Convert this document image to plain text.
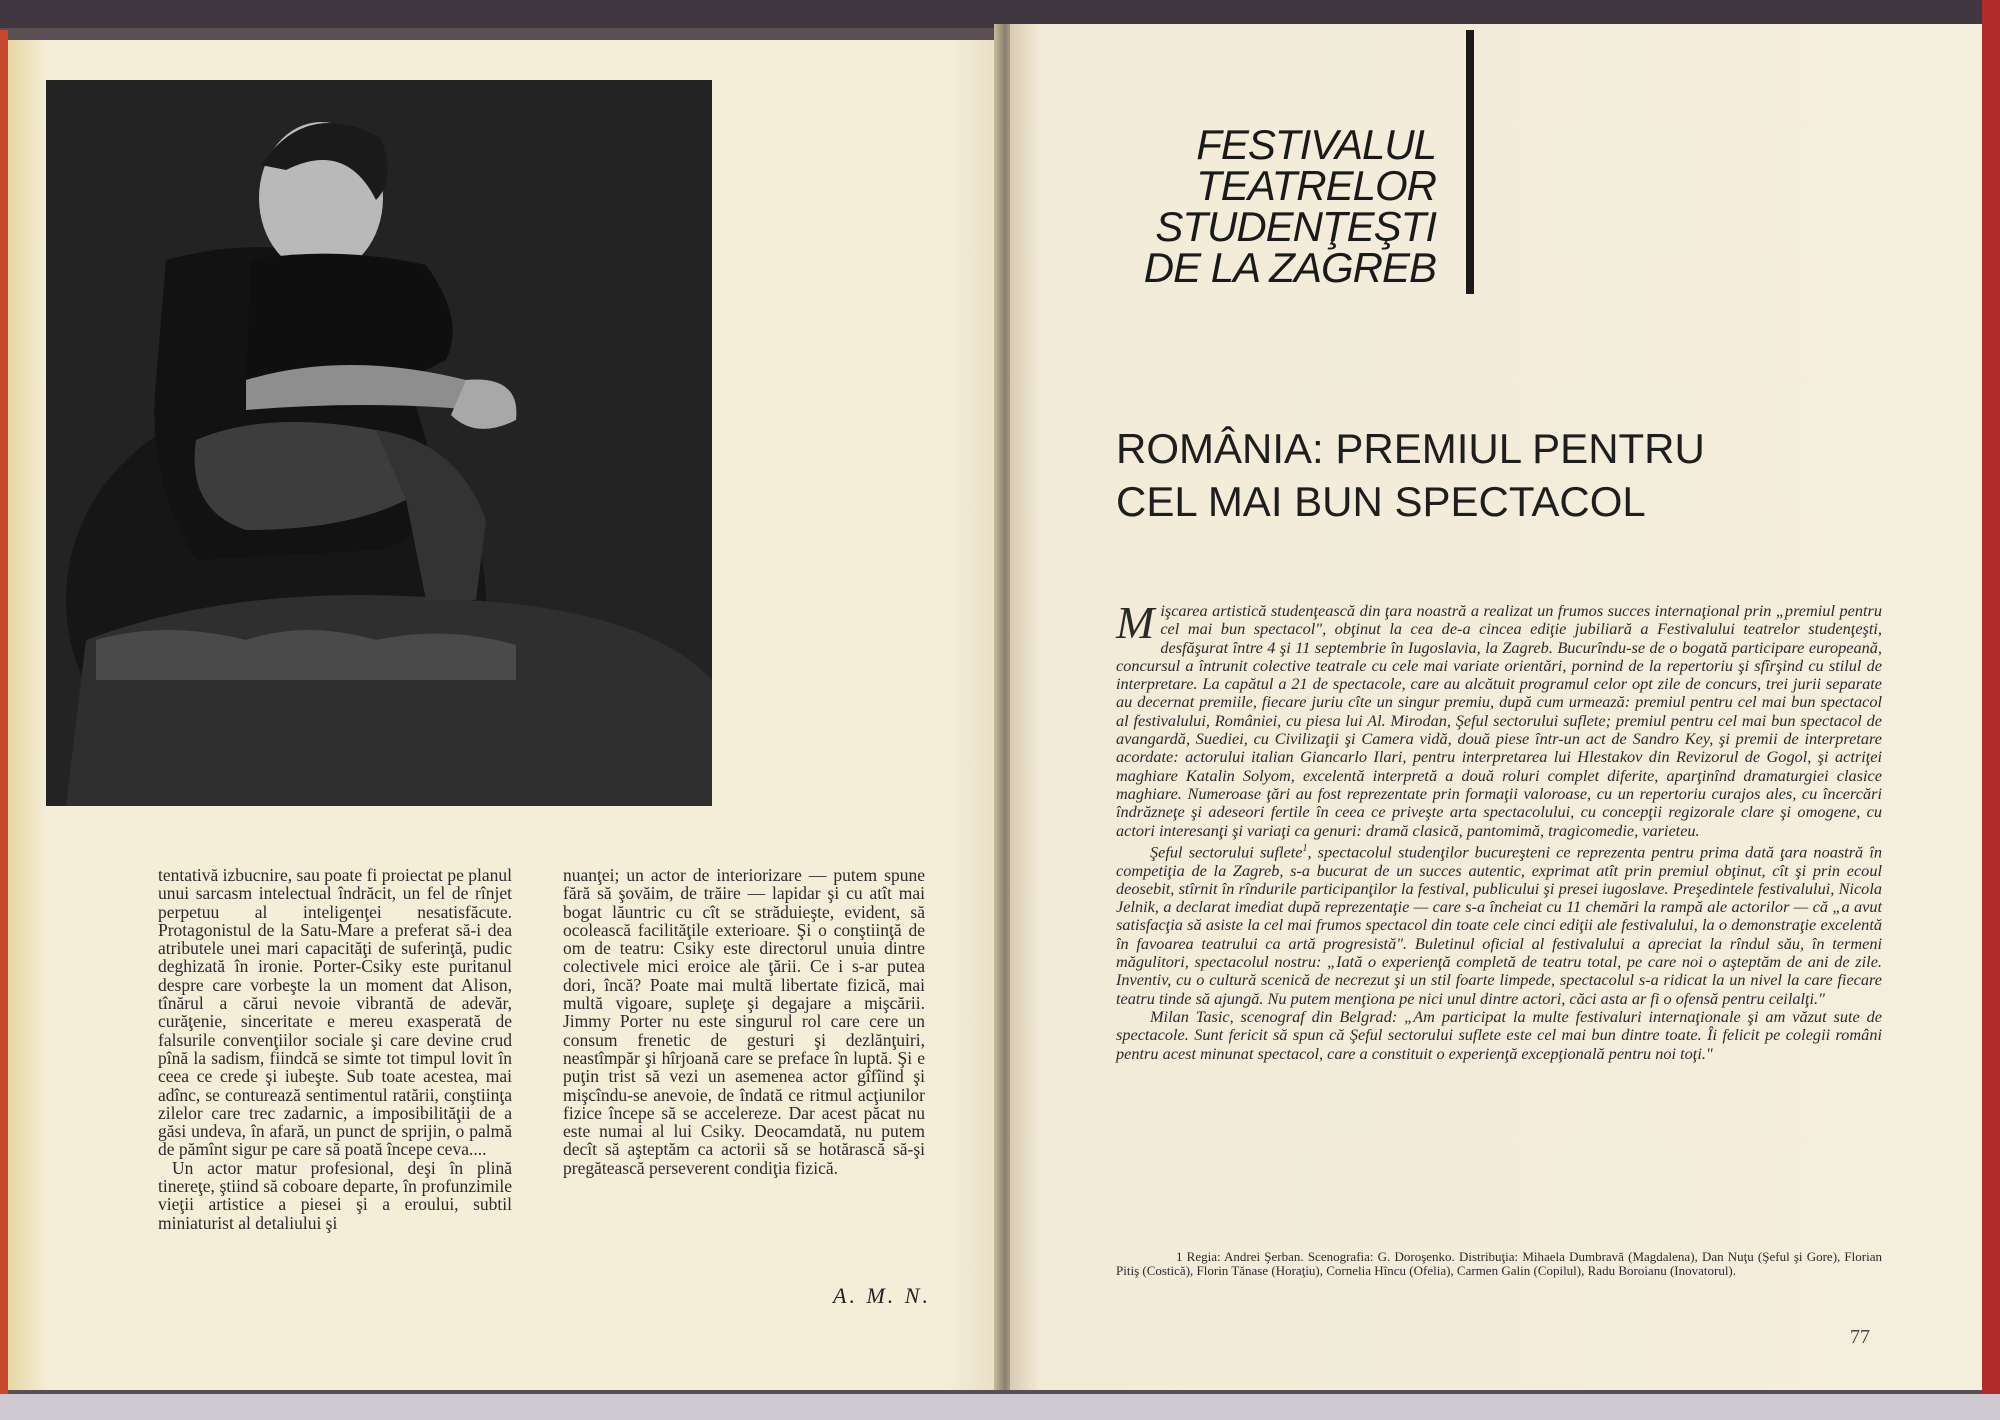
tentativă izbucnire, sau poate fi proiectat pe planul unui sarcasm intelectual îndrăcit, un fel de rînjet perpetuu al inteligenţei nesatisfăcute. Protagonistul de la Satu-Mare a preferat să-i dea atributele unei mari capacităţi de suferinţă, pudic deghizată în ironie. Porter-Csiky este puritanul despre care vorbeşte la un moment dat Alison, tînărul a cărui nevoie vibrantă de adevăr, curăţenie, sinceritate e mereu exasperată de falsurile convenţiilor sociale şi care devine crud pînă la sadism, fiindcă se simte tot timpul lovit în ceea ce crede şi iubeşte. Sub toate acestea, mai adînc, se conturează sentimentul ratării, conştiinţa zilelor care trec zadarnic, a imposibilităţii de a găsi undeva, în afară, un punct de sprijin, o palmă de pămînt sigur pe care să poată începe ceva....

Un actor matur profesional, deşi în plină tinereţe, ştiind să coboare departe, în profunzimile vieţii artistice a piesei şi a eroului, subtil miniaturist al detaliului şi

nuanţei; un actor de interiorizare — putem spune fără să şovăim, de trăire — lapidar şi cu atît mai bogat lăuntric cu cît se străduieşte, evident, să ocolească facilităţile exterioare. Şi o conştiinţă de om de teatru: Csiky este directorul unuia dintre colectivele mici eroice ale ţării. Ce i s-ar putea dori, încă? Poate mai multă libertate fizică, mai multă vigoare, supleţe şi degajare a mişcării. Jimmy Porter nu este singurul rol care cere un consum frenetic de gesturi şi dezlănţuiri, neastîmpăr şi hîrjoană care se preface în luptă. Şi e puţin trist să vezi un asemenea actor gîfîind şi mişcîndu-se anevoie, de îndată ce ritmul acţiunilor fizice începe să se accelereze. Dar acest păcat nu este numai al lui Csiky. Deocamdată, nu putem decît să aşteptăm ca actorii să se hotărască să-şi pregătească perseverent condiţia fizică.

A. M. N.
FESTIVALUL
TEATRELOR
STUDENŢEŞTI
DE LA ZAGREB
ROMÂNIA: PREMIUL PENTRU
CEL MAI BUN SPECTACOL

Mişcarea artistică studenţească din ţara noastră a realizat un frumos succes internaţional prin „premiul pentru cel mai bun spectacol", obţinut la cea de-a cincea ediţie jubiliară a Festivalului teatrelor studenţeşti, desfăşurat între 4 şi 11 septembrie în Iugoslavia, la Zagreb. Bucurîndu-se de o bogată participare europeană, concursul a întrunit colective teatrale cu cele mai variate orientări, pornind de la repertoriu şi sfîrşind cu stilul de interpretare. La capătul a 21 de spectacole, care au alcătuit programul celor opt zile de concurs, trei jurii separate au decernat premiile, fiecare juriu cîte un singur premiu, după cum urmează: premiul pentru cel mai bun spectacol al festivalului, României, cu piesa lui Al. Mirodan, Şeful sectorului suflete; premiul pentru cel mai bun spectacol de avangardă, Suediei, cu Civilizaţii şi Camera vidă, două piese într-un act de Sandro Key, şi premii de interpretare acordate: actorului italian Giancarlo Ilari, pentru interpretarea lui Hlestakov din Revizorul de Gogol, şi actriţei maghiare Katalin Solyom, excelentă interpretă a două roluri complet diferite, aparţinînd dramaturgiei clasice maghiare. Numeroase ţări au fost reprezentate prin formaţii valoroase, cu un repertoriu curajos ales, cu încercări îndrăzneţe şi adeseori fertile în ceea ce priveşte arta spectacolului, cu concepţii regizorale clare şi omogene, cu actori interesanţi şi variaţi ca genuri: dramă clasică, pantomimă, tragicomedie, varieteu.

Şeful sectorului suflete$^1$, spectacolul studenţilor bucureşteni ce reprezenta pentru prima dată ţara noastră în competiţia de la Zagreb, s-a bucurat de un succes autentic, exprimat atît prin premiul obţinut, cît şi prin ecoul deosebit, stîrnit în rîndurile participanţilor la festival, publicului şi presei iugoslave. Preşedintele festivalului, Nicola Jelnik, a declarat imediat după reprezentaţie — care s-a încheiat cu 11 chemări la rampă ale actorilor — că „a avut satisfacţia să asiste la cel mai frumos spectacol din toate cele cinci ediţii ale festivalului, la o demonstraţie excelentă în favoarea teatrului ca artă progresistă". Buletinul oficial al festivalului a apreciat la rîndul său, în termeni măgulitori, spectacolul nostru: „Iată o experienţă completă de teatru total, pe care noi o aşteptăm de ani de zile. Inventiv, cu o cultură scenică de necrezut şi un stil foarte limpede, spectacolul s-a ridicat la un nivel la care fiecare teatru tinde să ajungă. Nu putem menţiona pe nici unul dintre actori, căci asta ar fi o ofensă pentru ceilalţi."

Milan Tasic, scenograf din Belgrad: „Am participat la multe festivaluri internaţionale şi am văzut sute de spectacole. Sunt fericit să spun că Şeful sectorului suflete este cel mai bun dintre toate. Îi felicit pe colegii români pentru acest minunat spectacol, care a constituit o experienţă excepţională pentru noi toţi."

1 Regia: Andrei Şerban. Scenografia: G. Doroşenko. Distribuţia: Mihaela Dumbravă (Magdalena), Dan Nuţu (Şeful şi Gore), Florian Pitiş (Costică), Florin Tănase (Horaţiu), Cornelia Hîncu (Ofelia), Carmen Galin (Copilul), Radu Boroianu (Inovatorul).
77
